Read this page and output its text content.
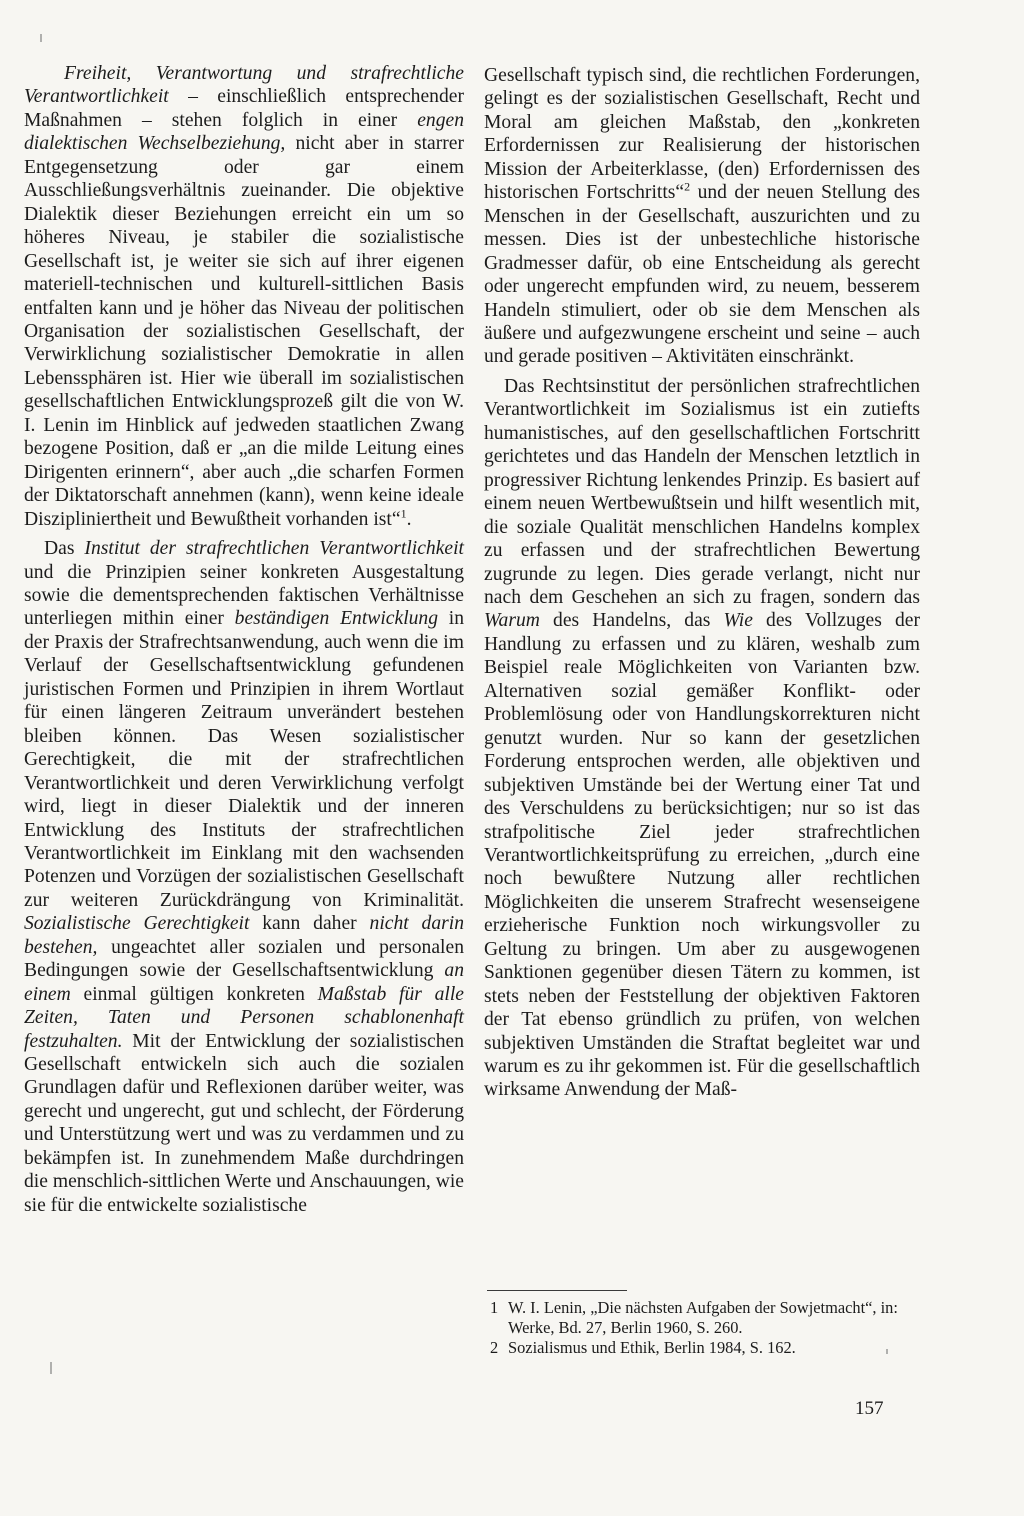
Freiheit, Verantwortung und strafrechtliche Verantwortlichkeit – einschließlich entsprechender Maßnahmen – stehen folglich in einer engen dialektischen Wechselbeziehung, nicht aber in starrer Entgegensetzung oder gar einem Ausschließungsverhältnis zueinander. Die objektive Dialektik dieser Beziehungen erreicht ein um so höheres Niveau, je stabiler die sozialistische Gesellschaft ist, je weiter sie sich auf ihrer eigenen materiell-technischen und kulturell-sittlichen Basis entfalten kann und je höher das Niveau der politischen Organisation der sozialistischen Gesellschaft, der Verwirklichung sozialistischer Demokratie in allen Lebenssphären ist. Hier wie überall im sozialistischen gesellschaftlichen Entwicklungsprozeß gilt die von W. I. Lenin im Hinblick auf jedweden staatlichen Zwang bezogene Position, daß er „an die milde Leitung eines Dirigenten erinnern“, aber auch „die scharfen Formen der Diktatorschaft annehmen (kann), wenn keine ideale Diszipliniertheit und Bewußtheit vorhanden ist“$^1$.

Das Institut der strafrechtlichen Verantwortlichkeit und die Prinzipien seiner konkreten Ausgestaltung sowie die dementsprechenden faktischen Verhältnisse unterliegen mithin einer beständigen Entwicklung in der Praxis der Strafrechtsanwendung, auch wenn die im Verlauf der Gesellschaftsentwicklung gefundenen juristischen Formen und Prinzipien in ihrem Wortlaut für einen längeren Zeitraum unverändert bestehen bleiben können. Das Wesen sozialistischer Gerechtigkeit, die mit der strafrechtlichen Verantwortlichkeit und deren Verwirklichung verfolgt wird, liegt in dieser Dialektik und der inneren Entwicklung des Instituts der strafrechtlichen Verantwortlichkeit im Einklang mit den wachsenden Potenzen und Vorzügen der sozialistischen Gesellschaft zur weiteren Zurückdrängung von Kriminalität. Sozialistische Gerechtigkeit kann daher nicht darin bestehen, ungeachtet aller sozialen und personalen Bedingungen sowie der Gesellschaftsentwicklung an einem einmal gültigen konkreten Maßstab für alle Zeiten, Taten und Personen schablonenhaft festzuhalten. Mit der Entwicklung der sozialistischen Gesellschaft entwickeln sich auch die sozialen Grundlagen dafür und Reflexionen darüber weiter, was gerecht und ungerecht, gut und schlecht, der Förderung und Unterstützung wert und was zu verdammen und zu bekämpfen ist. In zunehmendem Maße durchdringen die menschlich-sittlichen Werte und Anschauungen, wie sie für die entwickelte sozialistische

Gesellschaft typisch sind, die rechtlichen Forderungen, gelingt es der sozialistischen Gesellschaft, Recht und Moral am gleichen Maßstab, den „konkreten Erfordernissen zur Realisierung der historischen Mission der Arbeiterklasse, (den) Erfordernissen des historischen Fortschritts“$^2$ und der neuen Stellung des Menschen in der Gesellschaft, auszurichten und zu messen. Dies ist der unbestechliche historische Gradmesser dafür, ob eine Entscheidung als gerecht oder ungerecht empfunden wird, zu neuem, besserem Handeln stimuliert, oder ob sie dem Menschen als äußere und aufgezwungene erscheint und seine – auch und gerade positiven – Aktivitäten einschränkt.

Das Rechtsinstitut der persönlichen strafrechtlichen Verantwortlichkeit im Sozialismus ist ein zutiefts humanistisches, auf den gesellschaftlichen Fortschritt gerichtetes und das Handeln der Menschen letztlich in progressiver Richtung lenkendes Prinzip. Es basiert auf einem neuen Wertbewußtsein und hilft wesentlich mit, die soziale Qualität menschlichen Handelns komplex zu erfassen und der strafrechtlichen Bewertung zugrunde zu legen. Dies gerade verlangt, nicht nur nach dem Geschehen an sich zu fragen, sondern das Warum des Handelns, das Wie des Vollzuges der Handlung zu erfassen und zu klären, weshalb zum Beispiel reale Möglichkeiten von Varianten bzw. Alternativen sozial gemäßer Konflikt- oder Problemlösung oder von Handlungskorrekturen nicht genutzt wurden. Nur so kann der gesetzlichen Forderung entsprochen werden, alle objektiven und subjektiven Umstände bei der Wertung einer Tat und des Verschuldens zu berücksichtigen; nur so ist das strafpolitische Ziel jeder strafrechtlichen Verantwortlichkeitsprüfung zu erreichen, „durch eine noch bewußtere Nutzung aller rechtlichen Möglichkeiten die unserem Strafrecht wesenseigene erzieherische Funktion noch wirkungsvoller zu Geltung zu bringen. Um aber zu ausgewogenen Sanktionen gegenüber diesen Tätern zu kommen, ist stets neben der Feststellung der objektiven Faktoren der Tat ebenso gründlich zu prüfen, von welchen subjektiven Umständen die Straftat begleitet war und warum es zu ihr gekommen ist. Für die gesellschaftlich wirksame Anwendung der Maß-

1 W. I. Lenin, „Die nächsten Aufgaben der Sowjetmacht“, in: Werke, Bd. 27, Berlin 1960, S. 260.

2 Sozialismus und Ethik, Berlin 1984, S. 162.

157
